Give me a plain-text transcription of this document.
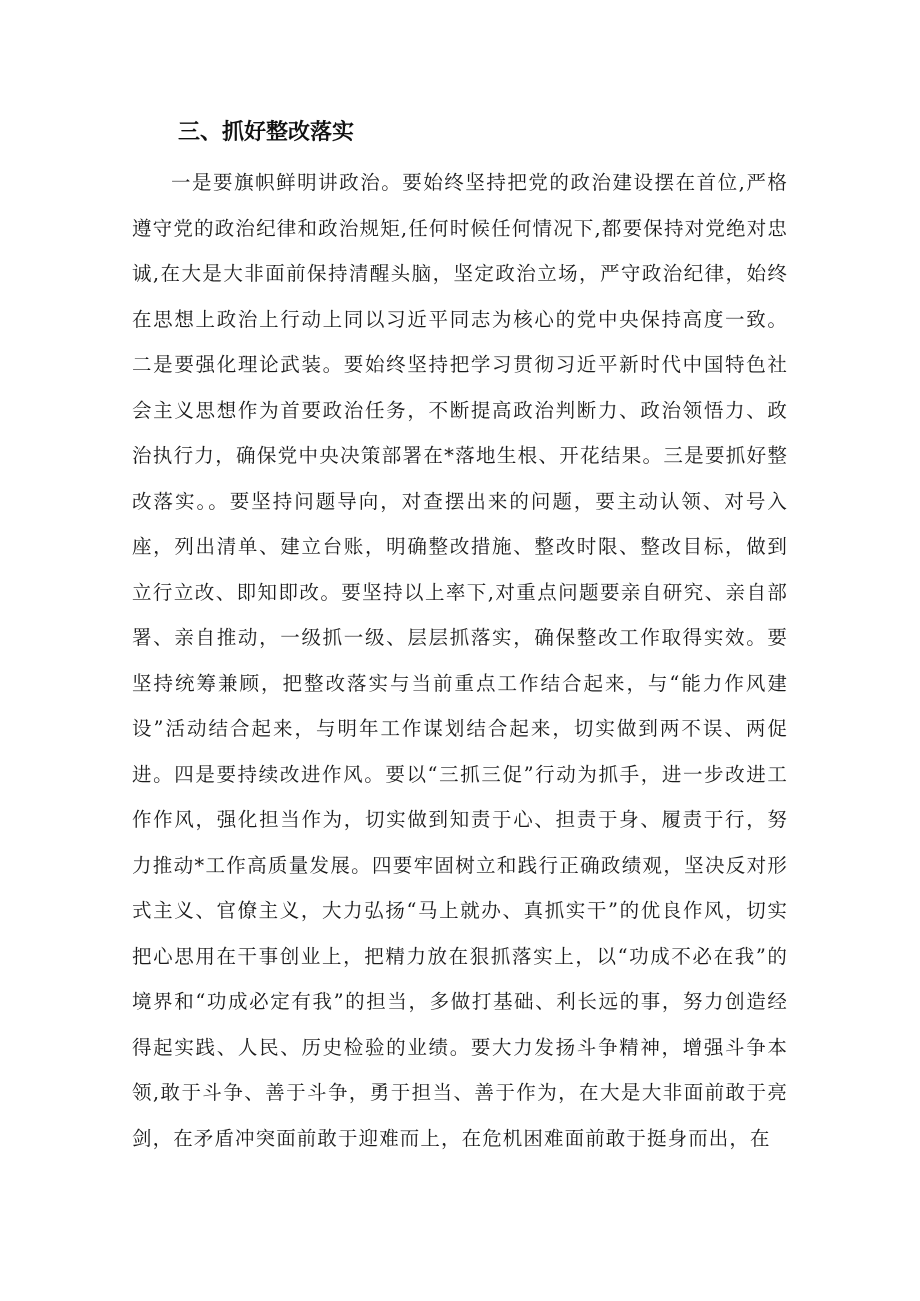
三、抓好整改落实

一是要旗帜鲜明讲政治。要始终坚持把党的政治建设摆在首位,严格遵守党的政治纪律和政治规矩,任何时候任何情况下,都要保持对党绝对忠诚,在大是大非面前保持清醒头脑，坚定政治立场，严守政治纪律，始终在思想上政治上行动上同以习近平同志为核心的党中央保持高度一致。二是要强化理论武装。要始终坚持把学习贯彻习近平新时代中国特色社会主义思想作为首要政治任务，不断提高政治判断力、政治领悟力、政治执行力，确保党中央决策部署在*落地生根、开花结果。三是要抓好整改落实。。要坚持问题导向，对查摆出来的问题，要主动认领、对号入座，列出清单、建立台账，明确整改措施、整改时限、整改目标，做到立行立改、即知即改。要坚持以上率下,对重点问题要亲自研究、亲自部署、亲自推动，一级抓一级、层层抓落实，确保整改工作取得实效。要坚持统筹兼顾，把整改落实与当前重点工作结合起来，与“能力作风建设”活动结合起来，与明年工作谋划结合起来，切实做到两不误、两促进。四是要持续改进作风。要以“三抓三促”行动为抓手，进一步改进工作作风，强化担当作为，切实做到知责于心、担责于身、履责于行，努力推动*工作高质量发展。四要牢固树立和践行正确政绩观，坚决反对形式主义、官僚主义，大力弘扬“马上就办、真抓实干”的优良作风，切实把心思用在干事创业上，把精力放在狠抓落实上，以“功成不必在我”的境界和“功成必定有我”的担当，多做打基础、利长远的事，努力创造经得起实践、人民、历史检验的业绩。要大力发扬斗争精神，增强斗争本领,敢于斗争、善于斗争，勇于担当、善于作为，在大是大非面前敢于亮剑，在矛盾冲突面前敢于迎难而上，在危机困难面前敢于挺身而出，在
